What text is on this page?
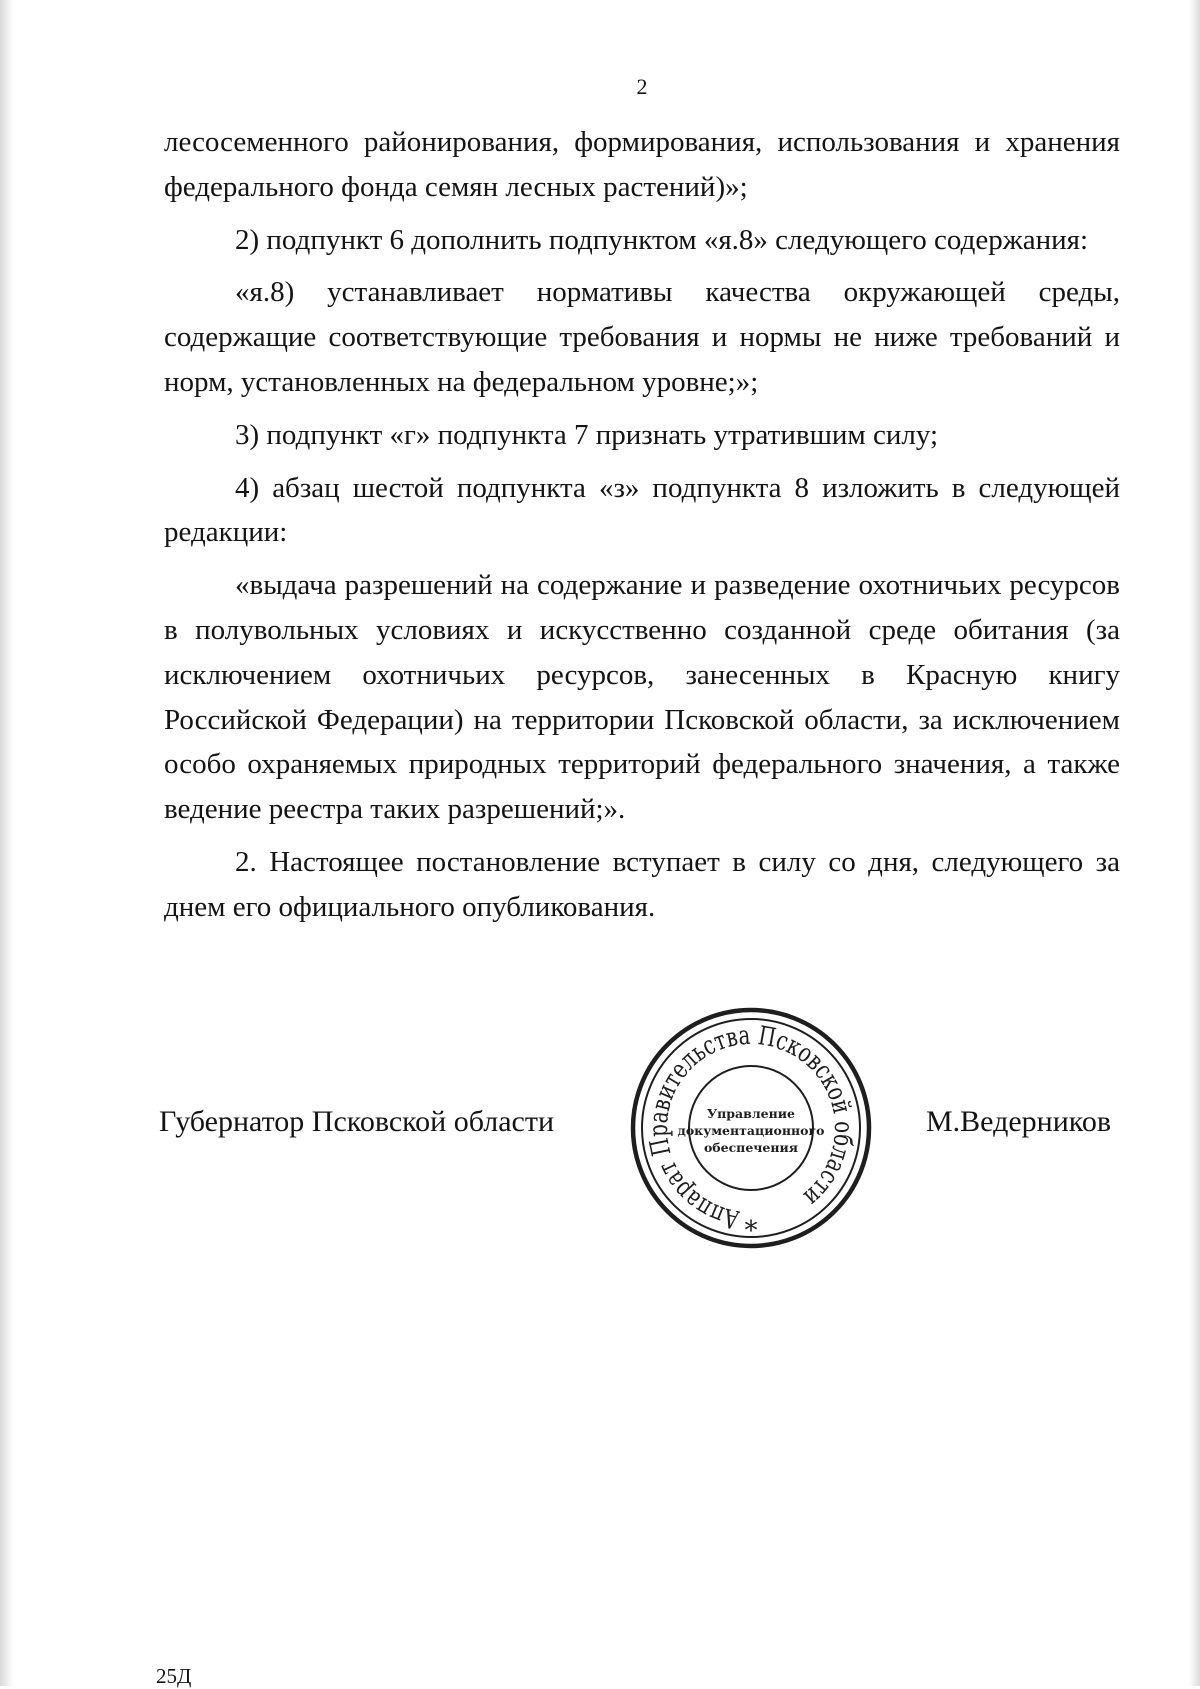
2

лесосеменного районирования, формирования, использования и хранения федерального фонда семян лесных растений)»;

2) подпункт 6 дополнить подпунктом «я.8» следующего содержания:

«я.8) устанавливает нормативы качества окружающей среды, содержащие соответствующие требования и нормы не ниже требований и норм, установленных на федеральном уровне;»;

3) подпункт «г» подпункта 7 признать утратившим силу;

4) абзац шестой подпункта «з» подпункта 8 изложить в следующей редакции:

«выдача разрешений на содержание и разведение охотничьих ресурсов в полувольных условиях и искусственно созданной среде обитания (за исключением охотничьих ресурсов, занесенных в Красную книгу Российской Федерации) на территории Псковской области, за исключением особо охраняемых природных территорий федерального значения, а также ведение реестра таких разрешений;».

2. Настоящее постановление вступает в силу со дня, следующего за днем его официального опубликования.

Губернатор Псковской области
Аппарат Правительства Псковской области
*
Управление
документационного
обеспечения
М.Ведерников
25Д
